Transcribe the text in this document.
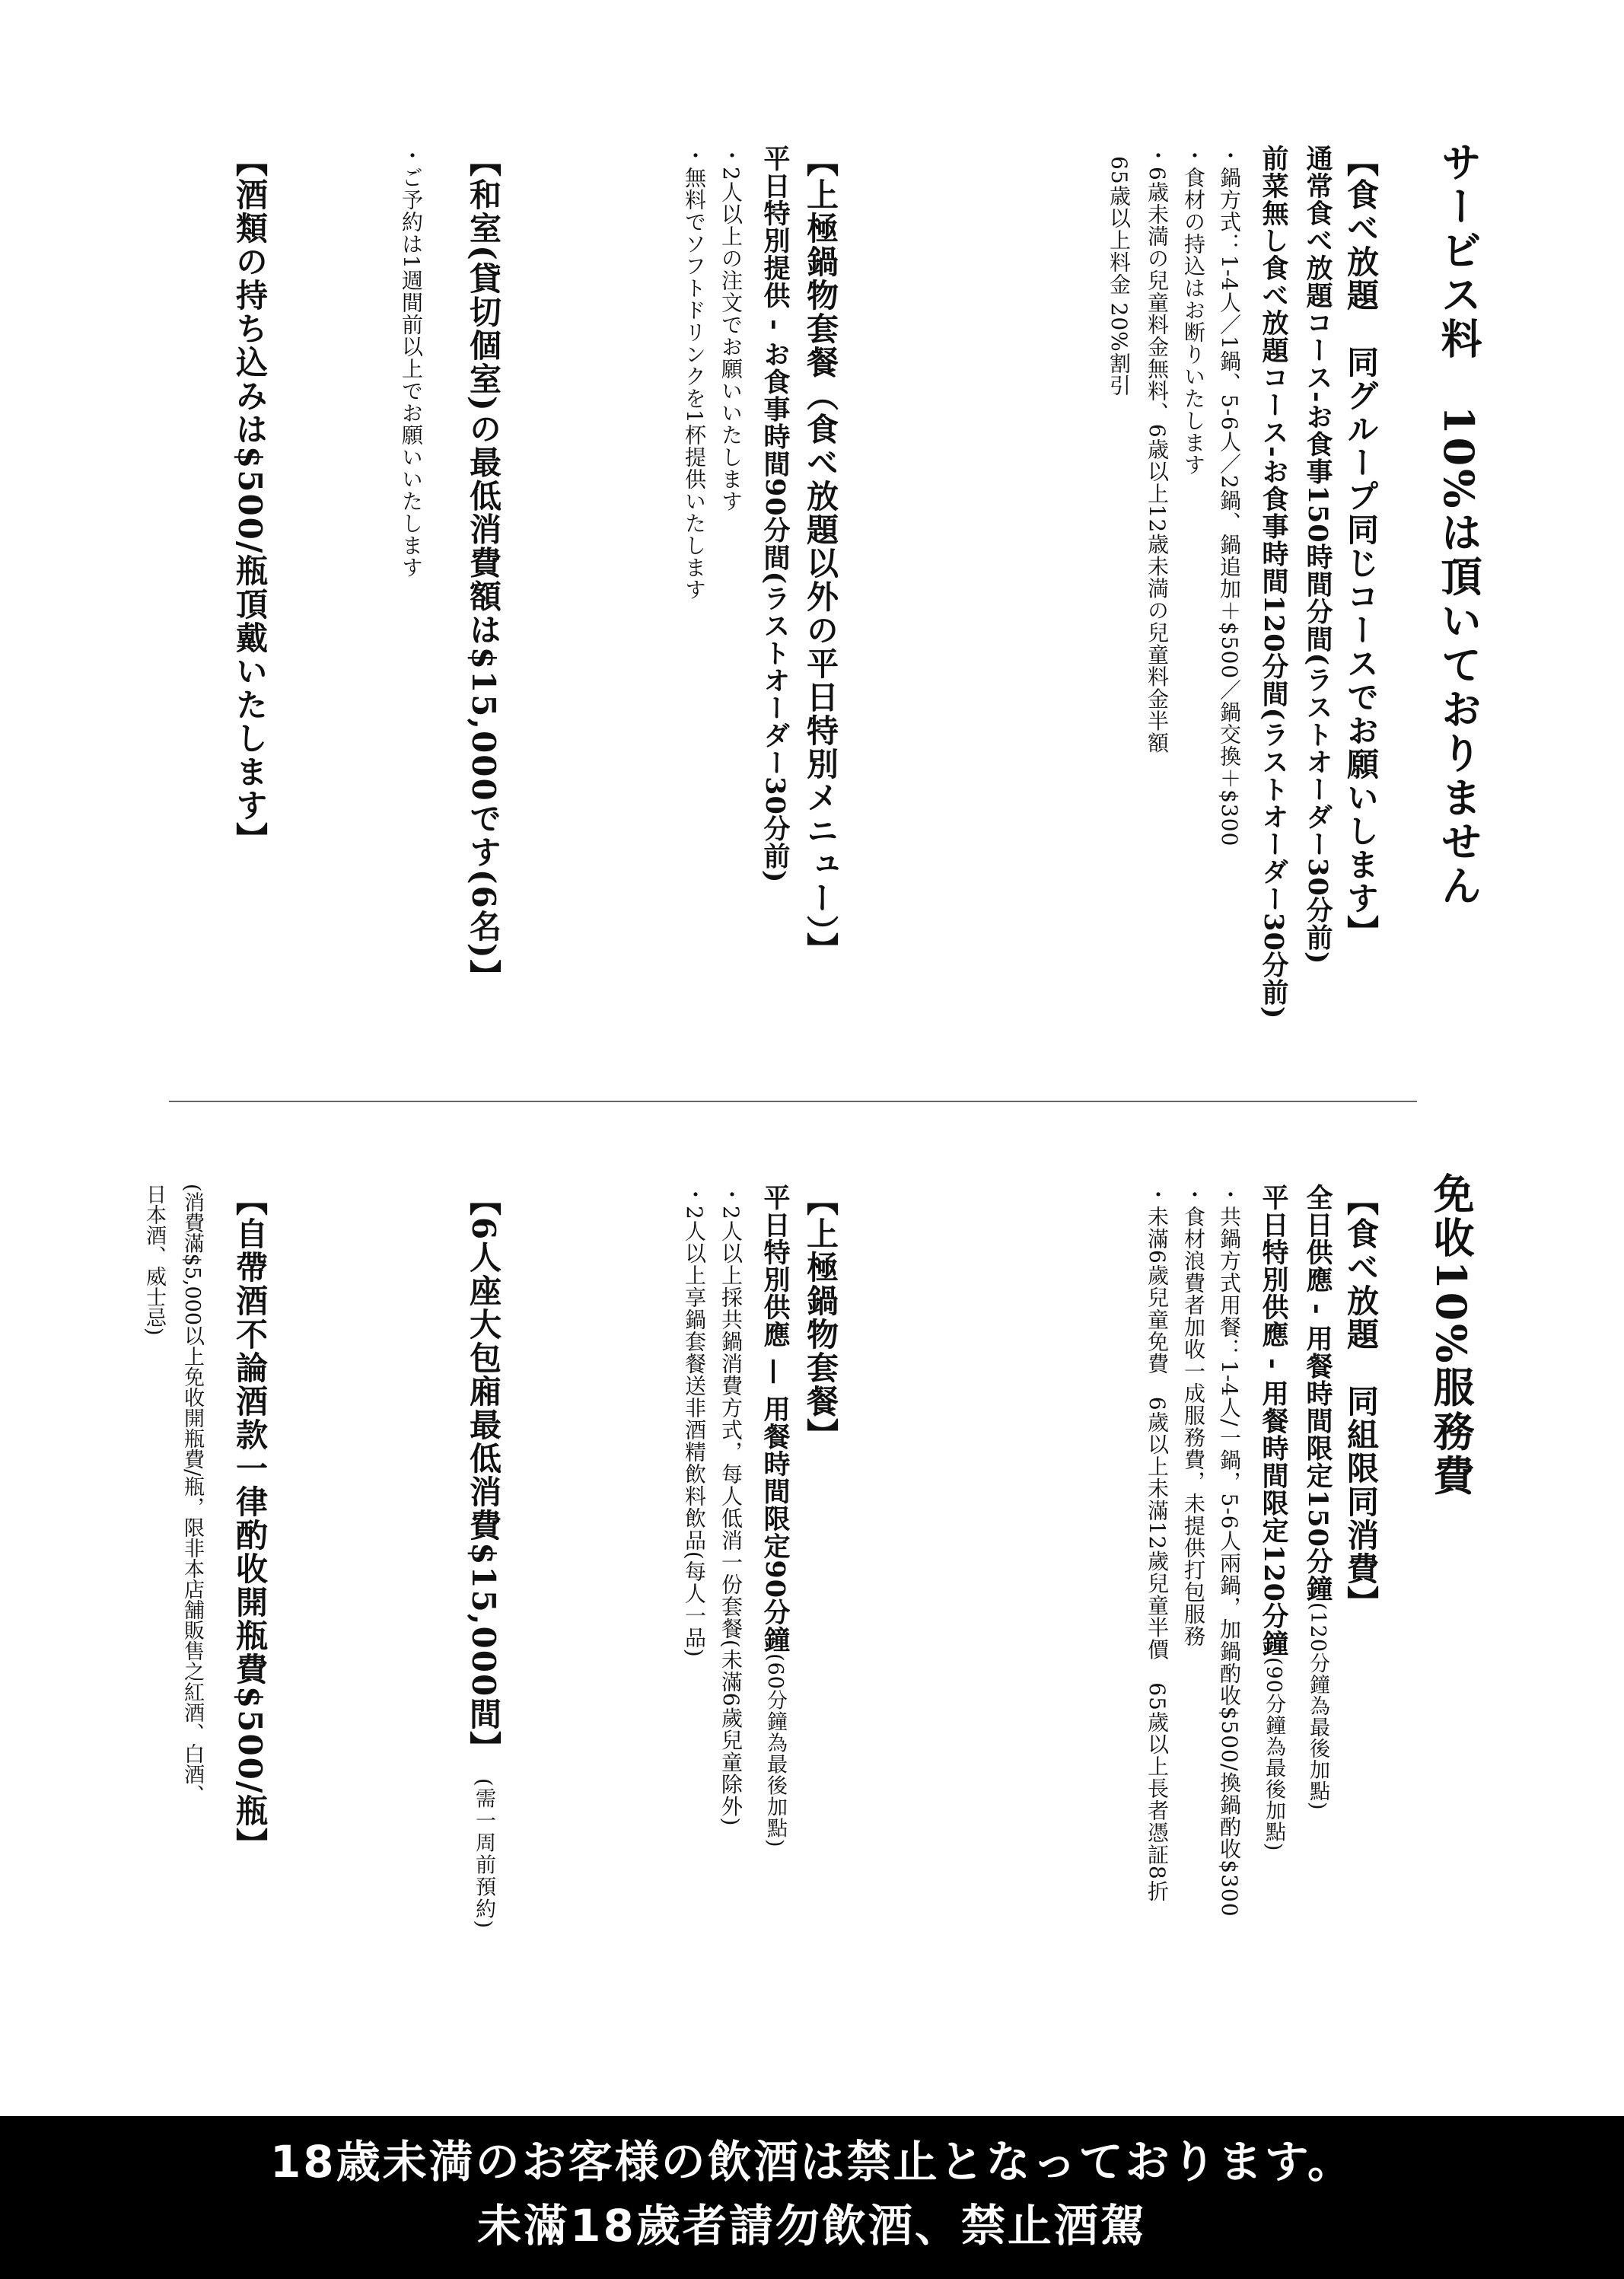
サービス料　10%は頂いておりません
【食べ放題　同グループ同じコースでお願いします】
通常食べ放題コース-お食事150時間分間(ラストオーダー30分前)
前菜無し食べ放題コース-お食事時間120分間(ラストオーダー30分前)
・鍋方式：1-4人／1鍋、5-6人／2鍋、鍋追加＋$500／鍋交換＋$300
・食材の持込はお断りいたします
・6歳未満の兒童料金無料、6歳以上12歳未満の兒童料金半額
65歳以上料金 20%割引
【上極鍋物套餐（食べ放題以外の平日特別メニュー）】
平日特別提供 - お食事時間90分間(ラストオーダー30分前)
・2人以上の注文でお願いいたします
・無料でソフトドリンクを1杯提供いたします
【和室(貸切個室)の最低消費額は$15,000です(6名)】
・ご予約は1週間前以上でお願いいたします
【酒類の持ち込みは$500/瓶頂戴いたします】
免收10%服務費
【食べ放題　同組限同消費】
全日供應 - 用餐時間限定150分鐘(120分鐘為最後加點)
平日特別供應 - 用餐時間限定120分鐘(90分鐘為最後加點)
・共鍋方式用餐：1-4人/一鍋，5-6人兩鍋，加鍋酌收$500/換鍋酌收$300
・食材浪費者加收一成服務費，未提供打包服務
・未滿6歲兒童免費　6歲以上未滿12歲兒童半價　65歲以上長者憑証8折
【上極鍋物套餐】
平日特別供應 — 用餐時間限定90分鐘(60分鐘為最後加點)
・2人以上採共鍋消費方式，每人低消一份套餐(未滿6歲兒童除外)
・2人以上享鍋套餐送非酒精飲料飲品(每人一品)
【6人座大包廂最低消費$15,000間】(需一周前預約)
【自帶酒不論酒款一律酌收開瓶費$500/瓶】
(消費滿$5,000以上免收開瓶費/瓶，限非本店舗販售之紅酒、白酒、
日本酒、威士忌)
18歳未満のお客様の飲酒は禁止となっております。
未滿18歲者請勿飲酒、禁止酒駕
